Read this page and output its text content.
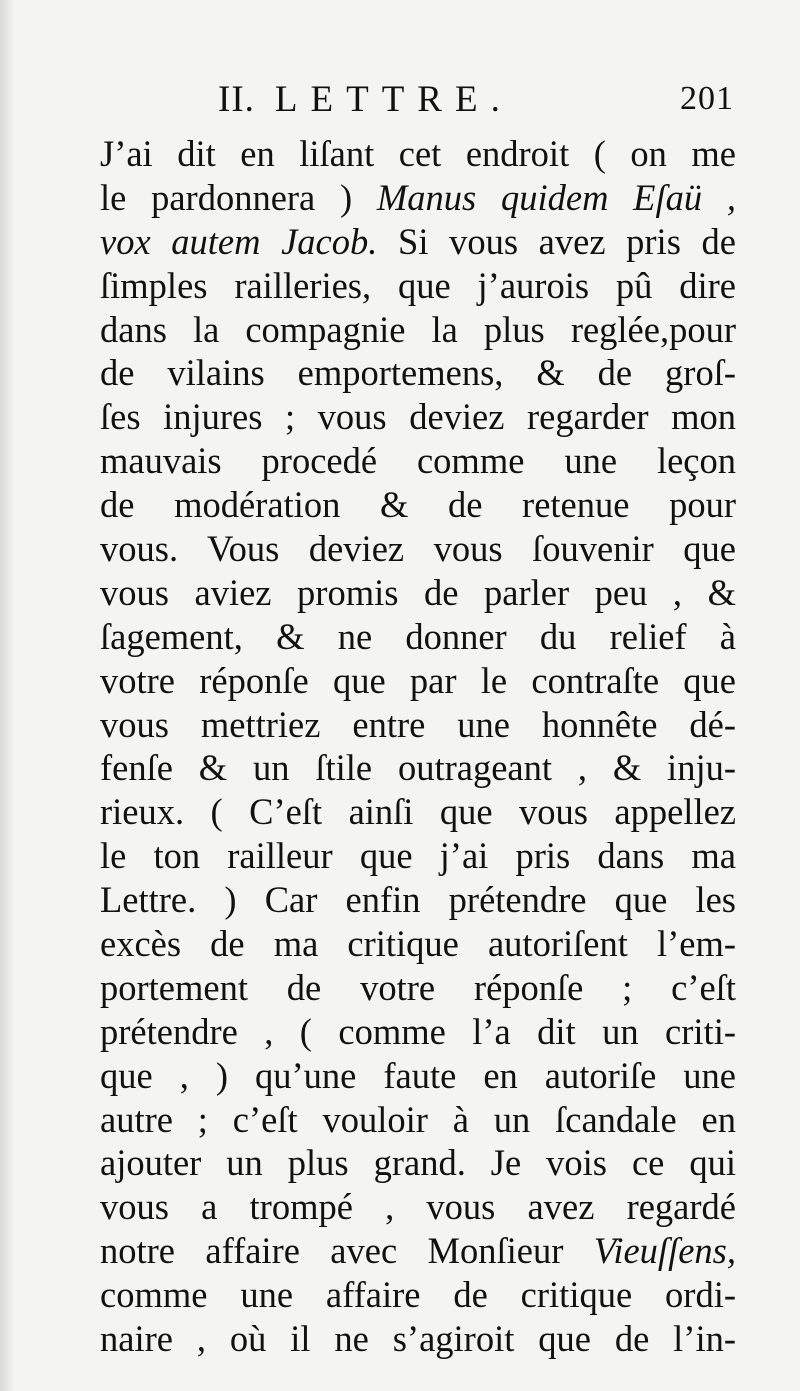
II. LETTRE.	201
J’ai dit en liſant cet endroit ( on me
le pardonnera ) Manus quidem Eſaü ,
vox autem Jacob. Si vous avez pris de
ſimples railleries, que j’aurois pû dire
dans la compagnie la plus reglée,pour
de vilains emportemens, & de groſ-
ſes injures ; vous deviez regarder mon
mauvais procedé comme une leçon
de modération & de retenue pour
vous. Vous deviez vous ſouvenir que
vous aviez promis de parler peu , &
ſagement, & ne donner du relief à
votre réponſe que par le contraſte que
vous mettriez entre une honnête dé-
fenſe & un ſtile outrageant , & inju-
rieux. ( C’eſt ainſi que vous appellez
le ton railleur que j’ai pris dans ma
Lettre. ) Car enfin prétendre que les
excès de ma critique autoriſent l’em-
portement de votre réponſe ; c’eſt
prétendre , ( comme l’a dit un criti-
que , ) qu’une faute en autoriſe une
autre ; c’eſt vouloir à un ſcandale en
ajouter un plus grand. Je vois ce qui
vous a trompé , vous avez regardé
notre affaire avec Monſieur Vieuſſens,
comme une affaire de critique ordi-
naire , où il ne s’agiroit que de l’in-
